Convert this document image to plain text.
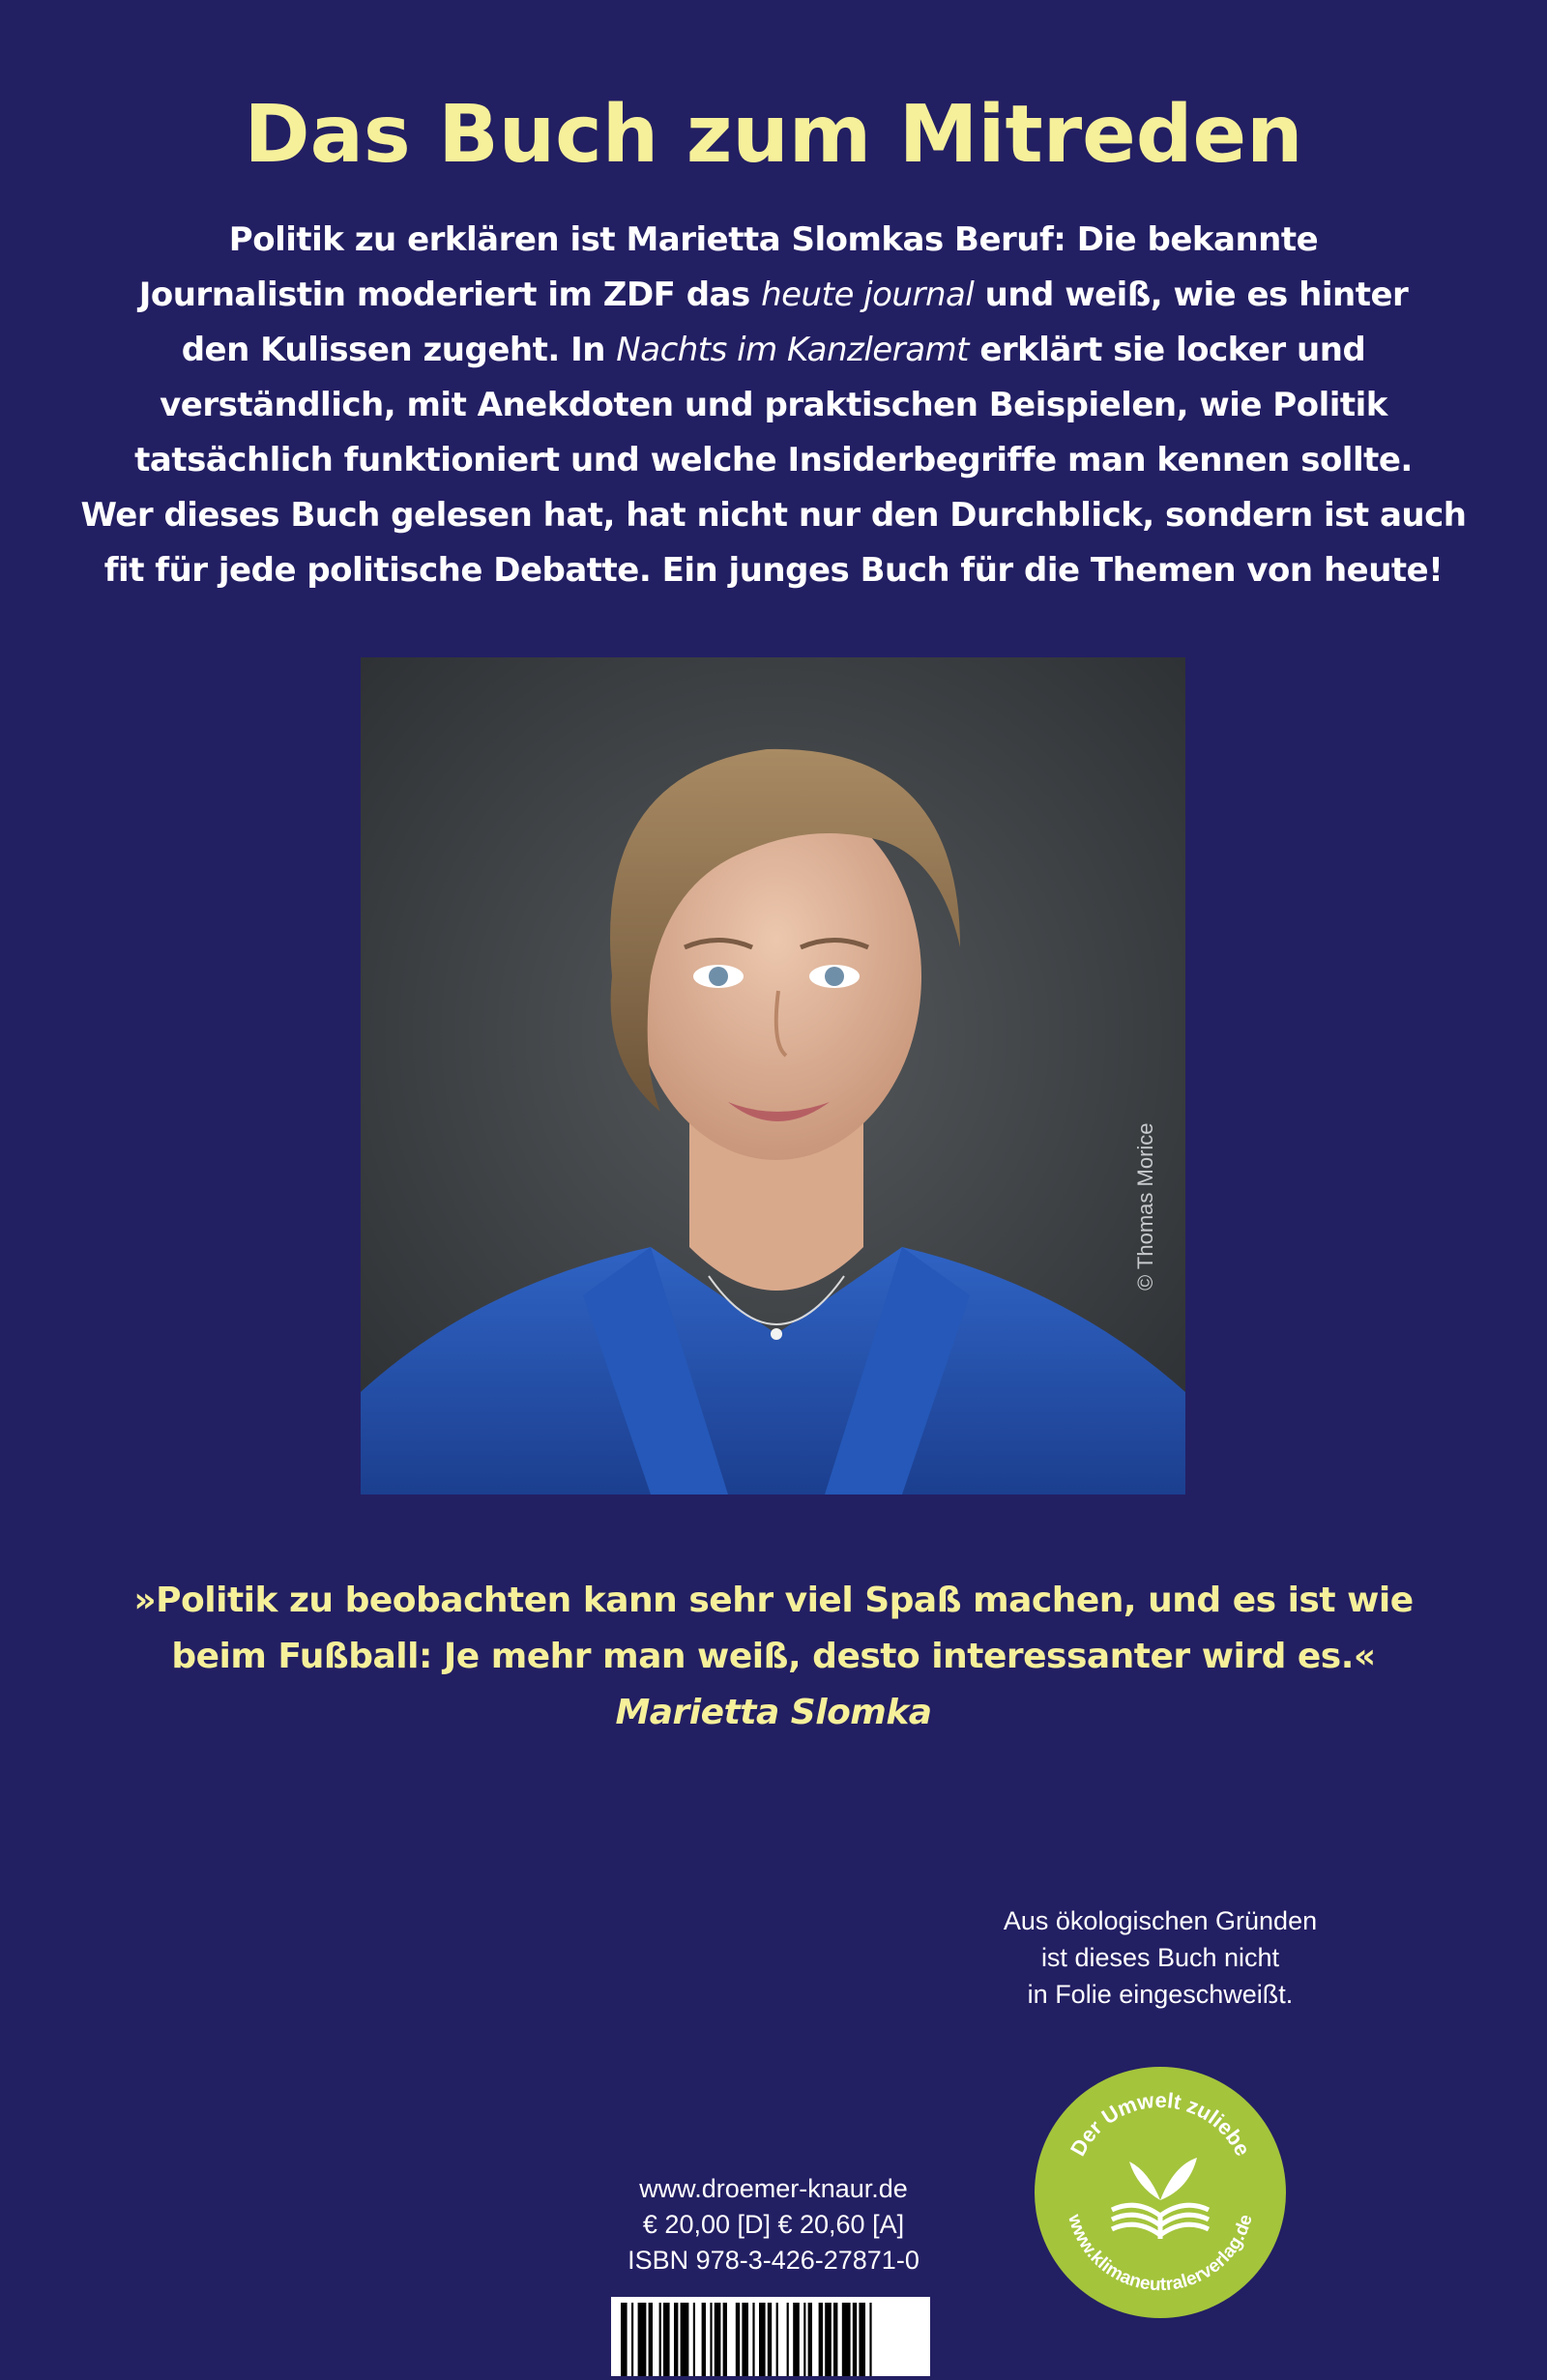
Das Buch zum Mitreden
Politik zu erklären ist Marietta Slomkas Beruf: Die bekannte
Journalistin moderiert im ZDF das heute journal und weiß, wie es hinter
den Kulissen zugeht. In Nachts im Kanzleramt erklärt sie locker und
verständlich, mit Anekdoten und praktischen Beispielen, wie Politik
tatsächlich funktioniert und welche Insiderbegriffe man kennen sollte.
Wer dieses Buch gelesen hat, hat nicht nur den Durchblick, sondern ist auch
fit für jede politische Debatte. Ein junges Buch für die Themen von heute!
© Thomas Morice
»Politik zu beobachten kann sehr viel Spaß machen, und es ist wie
beim Fußball: Je mehr man weiß, desto interessanter wird es.«
Marietta Slomka
Aus ökologischen Gründen
ist dieses Buch nicht
in Folie eingeschweißt.
Der Umwelt zuliebe
www.klimaneutralerverlag.de
www.droemer-knaur.de
€ 20,00 [D] € 20,60 [A]
ISBN 978-3-426-27871-0
